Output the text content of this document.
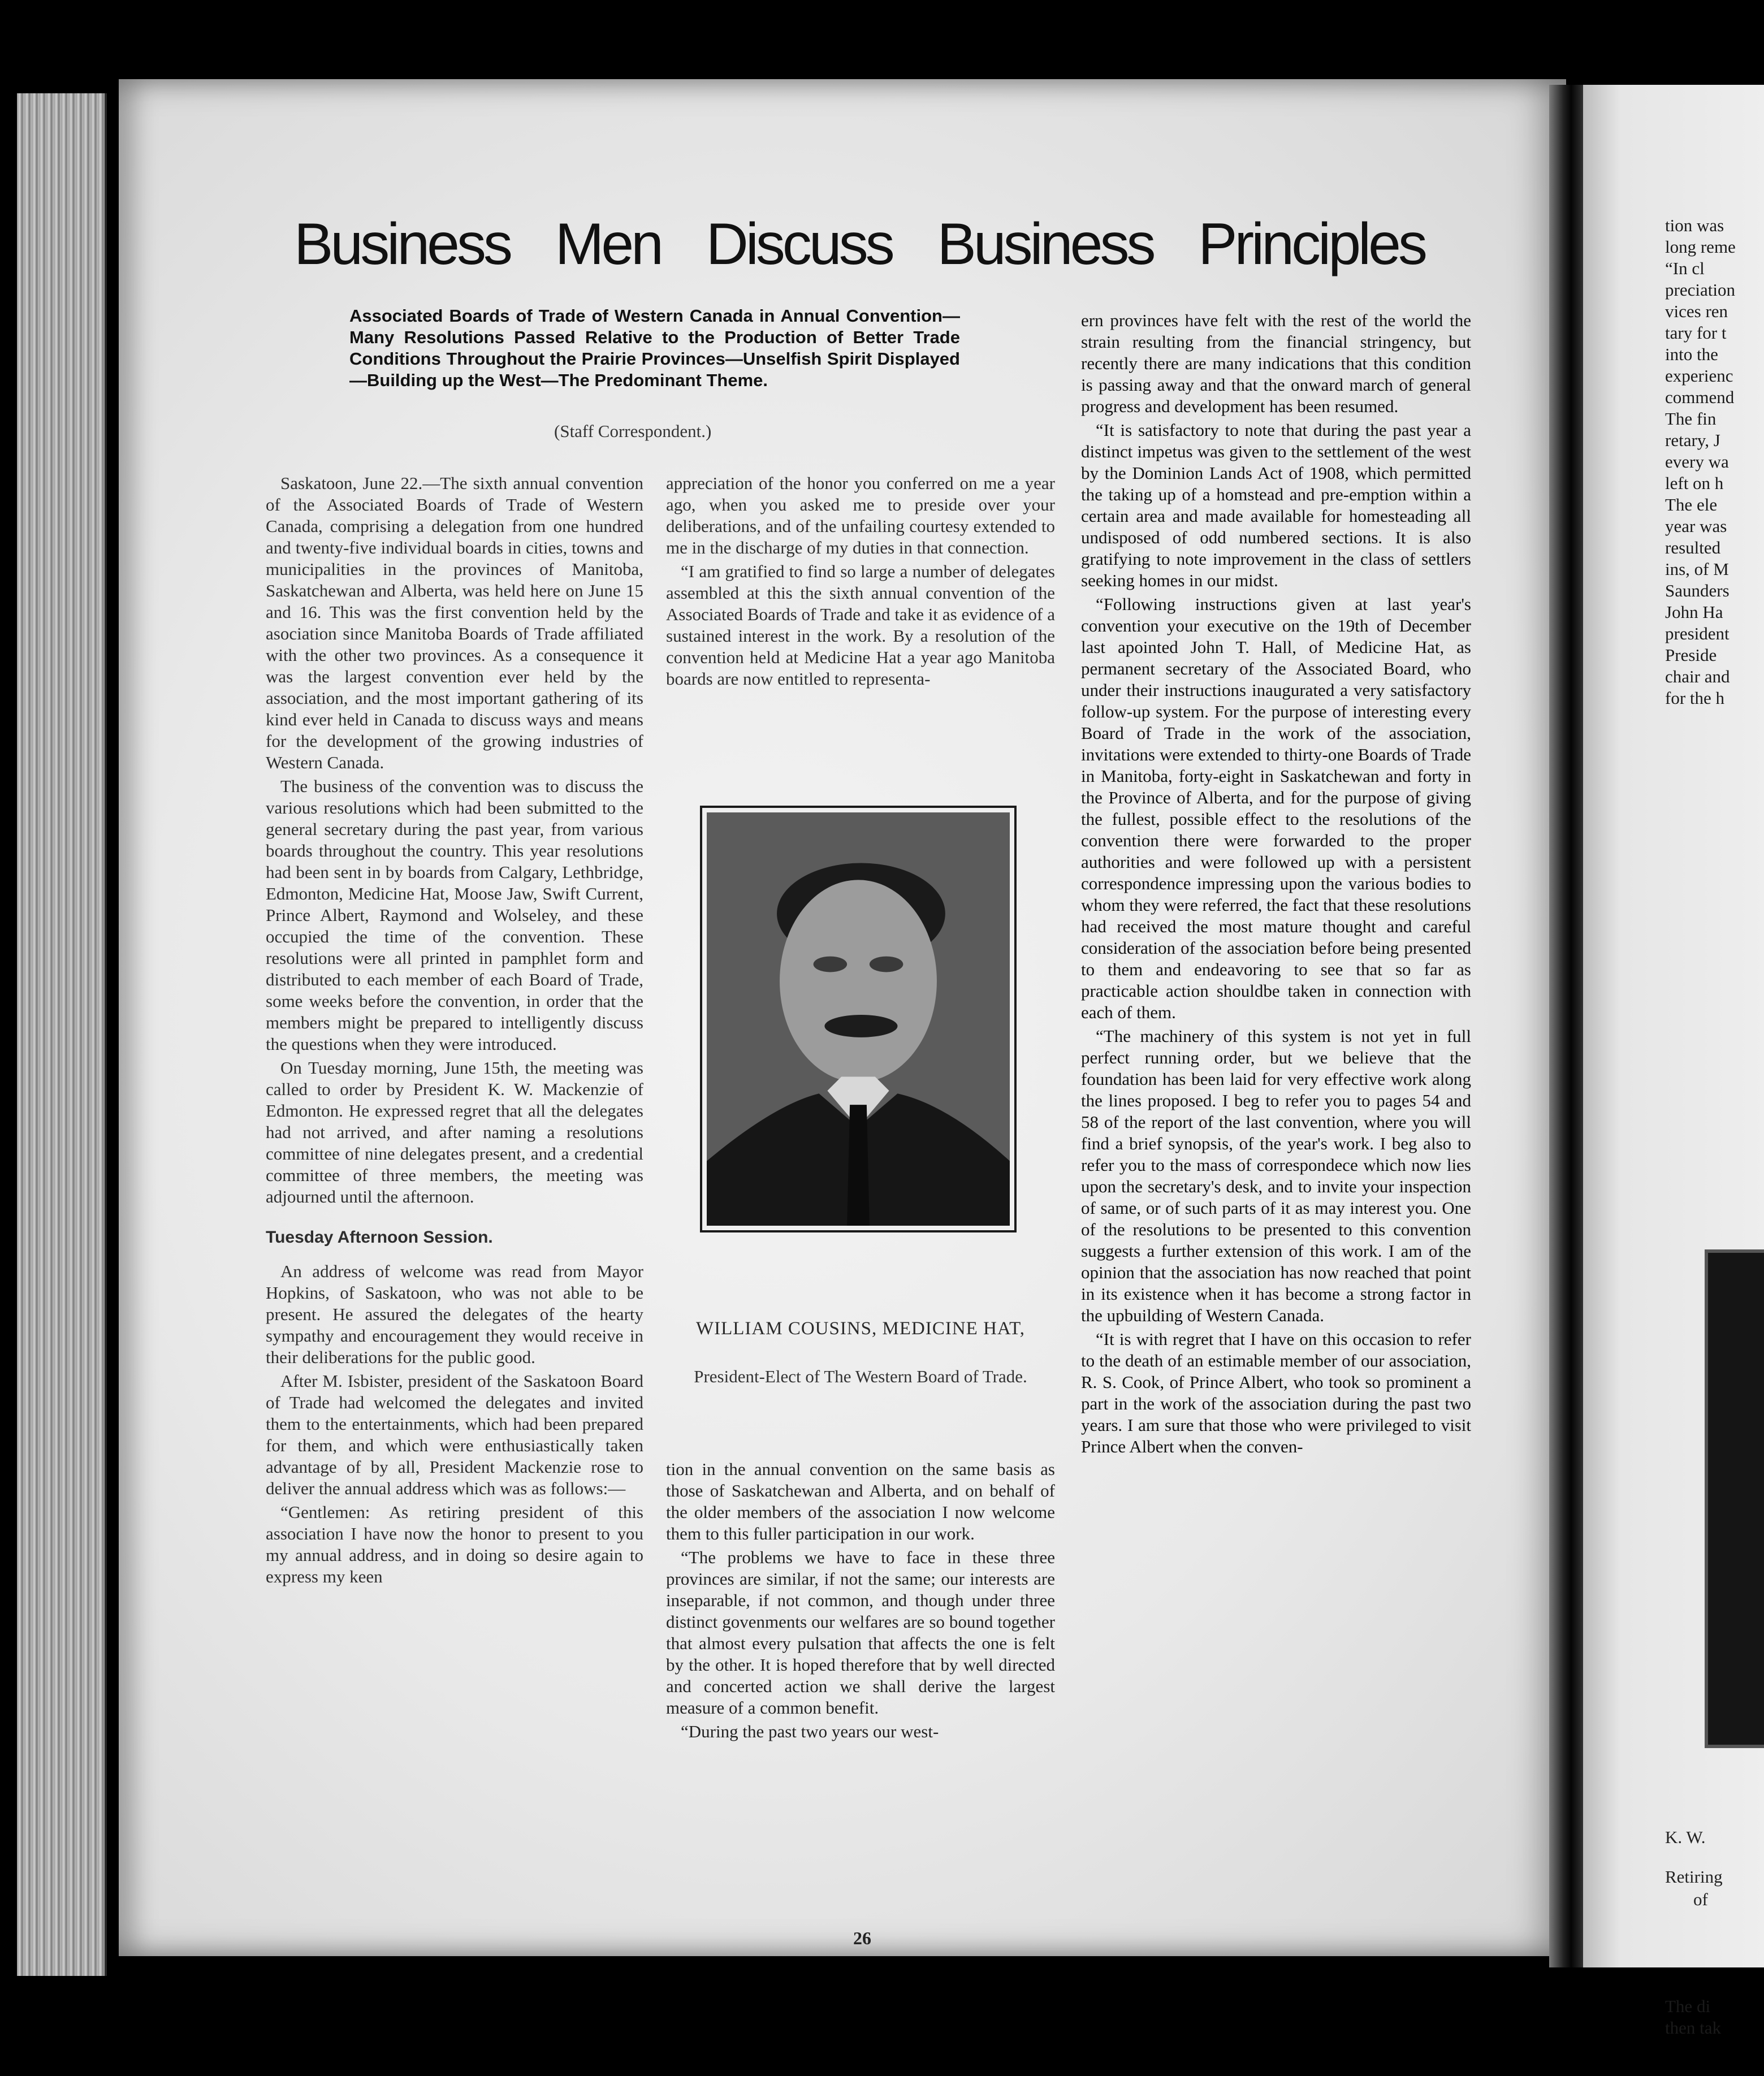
Business Men Discuss Business Principles
Associated Boards of Trade of Western Canada in Annual Convention—Many Resolutions Passed Relative to the Production of Better Trade Conditions Throughout the Prairie Provinces—Unselfish Spirit Displayed—Building up the West—The Predominant Theme.
(Staff Correspondent.)

Saskatoon, June 22.—The sixth annual convention of the Associated Boards of Trade of Western Canada, comprising a delegation from one hundred and twenty-five individual boards in cities, towns and municipalities in the provinces of Manitoba, Saskatchewan and Alberta, was held here on June 15 and 16. This was the first convention held by the asociation since Manitoba Boards of Trade affiliated with the other two provinces. As a consequence it was the largest convention ever held by the association, and the most important gathering of its kind ever held in Canada to discuss ways and means for the development of the growing industries of Western Canada.

The business of the convention was to discuss the various resolutions which had been submitted to the general secretary during the past year, from various boards throughout the country. This year resolutions had been sent in by boards from Calgary, Lethbridge, Edmonton, Medicine Hat, Moose Jaw, Swift Current, Prince Albert, Raymond and Wolseley, and these occupied the time of the convention. These resolutions were all printed in pamphlet form and distributed to each member of each Board of Trade, some weeks before the convention, in order that the members might be prepared to intelligently discuss the questions when they were introduced.

On Tuesday morning, June 15th, the meeting was called to order by President K. W. Mackenzie of Edmonton. He expressed regret that all the delegates had not arrived, and after naming a resolutions committee of nine delegates present, and a credential committee of three members, the meeting was adjourned until the afternoon.

Tuesday Afternoon Session.

An address of welcome was read from Mayor Hopkins, of Saskatoon, who was not able to be present. He assured the delegates of the hearty sympathy and encouragement they would receive in their deliberations for the public good.

After M. Isbister, president of the Saskatoon Board of Trade had welcomed the delegates and invited them to the entertainments, which had been prepared for them, and which were enthusiastically taken advantage of by all, President Mackenzie rose to deliver the annual address which was as follows:—

“Gentlemen: As retiring president of this association I have now the honor to present to you my annual address, and in doing so desire again to express my keen

appreciation of the honor you conferred on me a year ago, when you asked me to preside over your deliberations, and of the unfailing courtesy extended to me in the discharge of my duties in that connection.

“I am gratified to find so large a number of delegates assembled at this the sixth annual convention of the Associated Boards of Trade and take it as evidence of a sustained interest in the work. By a resolution of the convention held at Medicine Hat a year ago Manitoba boards are now entitled to representa-

WILLIAM COUSINS, MEDICINE HAT,
President-Elect of The Western Board of Trade.

tion in the annual convention on the same basis as those of Saskatchewan and Alberta, and on behalf of the older members of the association I now welcome them to this fuller participation in our work.

“The problems we have to face in these three provinces are similar, if not the same; our interests are inseparable, if not common, and though under three distinct govenments our welfares are so bound together that almost every pulsation that affects the one is felt by the other. It is hoped therefore that by well directed and concerted action we shall derive the largest measure of a common benefit.

“During the past two years our west-

ern provinces have felt with the rest of the world the strain resulting from the financial stringency, but recently there are many indications that this condition is passing away and that the onward march of general progress and development has been resumed.

“It is satisfactory to note that during the past year a distinct impetus was given to the settlement of the west by the Dominion Lands Act of 1908, which permitted the taking up of a homstead and pre-emption within a certain area and made available for homesteading all undisposed of odd numbered sections. It is also gratifying to note improvement in the class of settlers seeking homes in our midst.

“Following instructions given at last year's convention your executive on the 19th of December last apointed John T. Hall, of Medicine Hat, as permanent secretary of the Associated Board, who under their instructions inaugurated a very satisfactory follow-up system. For the purpose of interesting every Board of Trade in the work of the association, invitations were extended to thirty-one Boards of Trade in Manitoba, forty-eight in Saskatchewan and forty in the Province of Alberta, and for the purpose of giving the fullest, possible effect to the resolutions of the convention there were forwarded to the proper authorities and were followed up with a persistent correspondence impressing upon the various bodies to whom they were referred, the fact that these resolutions had received the most mature thought and careful consideration of the association before being presented to them and endeavoring to see that so far as practicable action shouldbe taken in connection with each of them.

“The machinery of this system is not yet in full perfect running order, but we believe that the foundation has been laid for very effective work along the lines proposed. I beg to refer you to pages 54 and 58 of the report of the last convention, where you will find a brief synopsis, of the year's work. I beg also to refer you to the mass of correspondece which now lies upon the secretary's desk, and to invite your inspection of same, or of such parts of it as may interest you. One of the resolutions to be presented to this convention suggests a further extension of this work. I am of the opinion that the association has now reached that point in its existence when it has become a strong factor in the upbuilding of Western Canada.

“It is with regret that I have on this occasion to refer to the death of an estimable member of our association, R. S. Cook, of Prince Albert, who took so prominent a part in the work of the association during the past two years. I am sure that those who were privileged to visit Prince Albert when the conven-

26
tion was
long reme
“In cl
preciation
vices ren
tary for t
into the
experienc
commend
The fin
retary, J
every wa
left on h
The ele
year was
resulted
ins, of M
Saunders
John Ha
president
Preside
chair and
for the h
K. W.
Retiring
of
The di
then tak
